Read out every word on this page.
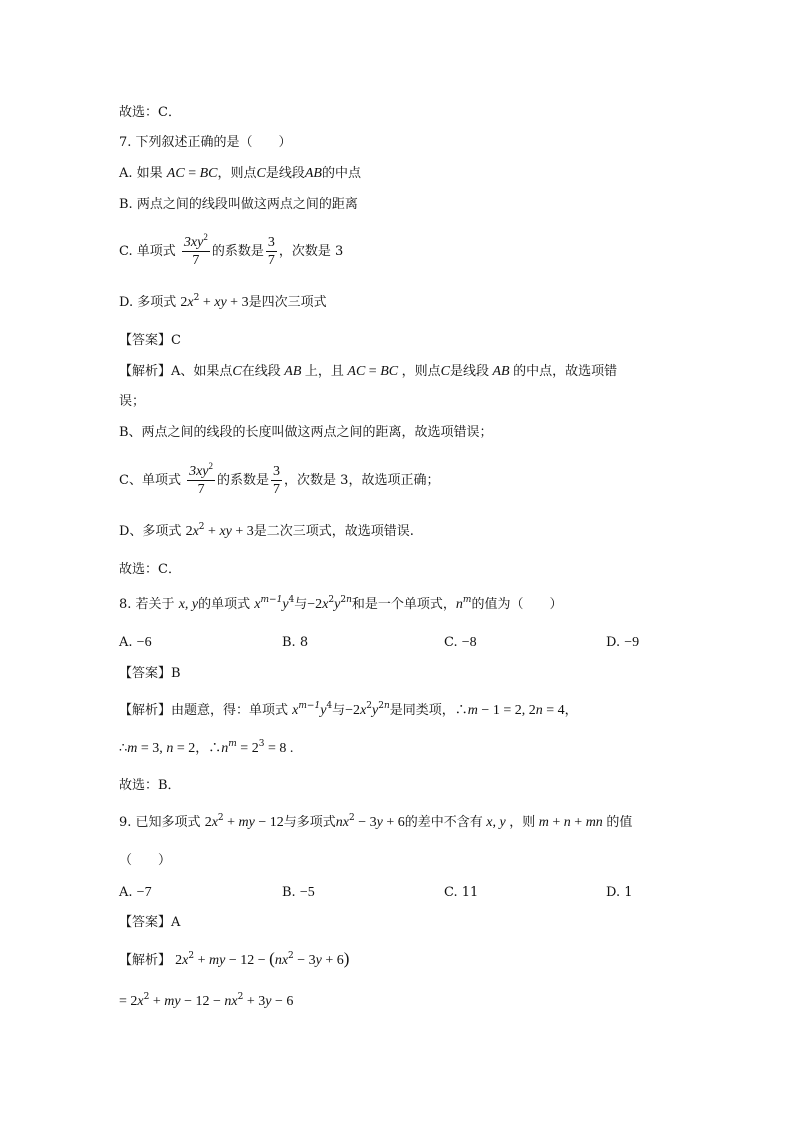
故选：C．
7. 下列叙述正确的是（　　）
A. 如果 AC = BC，则点C是线段AB的中点
B. 两点之间的线段叫做这两点之间的距离
C. 单项式 $\frac{3xy^2}{7}$ 的系数是 $\frac{3}{7}$ ，次数是 3
D. 多项式 $2x^2$ + xy + 3是四次三项式
【答案】C
【解析】A、如果点C在线段 AB 上，且 AC = BC ，则点C是线段 AB 的中点，故选项错
误；
B、两点之间的线段的长度叫做这两点之间的距离，故选项错误；
C、单项式 $\frac{3xy^2}{7}$ 的系数是 $\frac{3}{7}$ ，次数是 3，故选项正确；
D、多项式 $2x^2$ + xy + 3是二次三项式，故选项错误.
故选：C．
8. 若关于 x, y的单项式 $x^{m-1}y^4$与$-2x^2y^{2n}$和是一个单项式，$n^m$的值为（　　）
A. −6	B. 8	C. −8	D. −9
【答案】B
【解析】由题意，得：单项式 $x^{m-1}y^4$与$-2x^2y^{2n}$是同类项，∴m − 1 = 2, 2n = 4，
∴m = 3, n = 2，$\therefore n^m = 2^3 = 8$ .
故选：B．
9. 已知多项式 $2x^2$ + my − 12与多项式$nx^2 - 3y + 6$的差中不含有 x, y ，则 m + n + mn 的值
（　　）
A. −7	B. −5	C. 11	D. 1
【答案】A
【解析】 $2x^2$ + my − $12 - (nx^2 - 3y + 6)$
= $2x^2$ + my − $12 - nx^2 + 3y - 6$
